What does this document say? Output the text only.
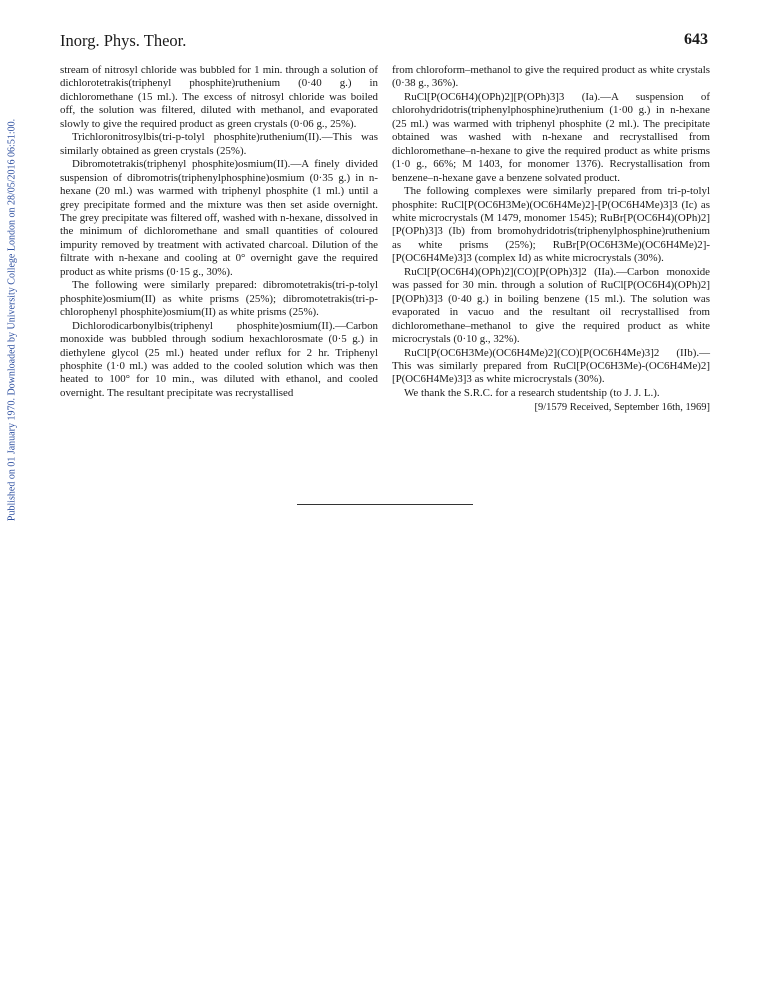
Published on 01 January 1970. Downloaded by University College London on 28/05/2016 06:51:00.
Inorg. Phys. Theor.	643

stream of nitrosyl chloride was bubbled for 1 min. through a solution of dichlorotetrakis(triphenyl phosphite)ruthenium (0·40 g.) in dichloromethane (15 ml.). The excess of nitrosyl chloride was boiled off, the solution was filtered, diluted with methanol, and evaporated slowly to give the required product as green crystals (0·06 g., 25%).

Trichloronitrosylbis(tri-p-tolyl phosphite)ruthenium(II).—This was similarly obtained as green crystals (25%).

Dibromotetrakis(triphenyl phosphite)osmium(II).—A finely divided suspension of dibromotris(triphenylphosphine)osmium (0·35 g.) in n-hexane (20 ml.) was warmed with triphenyl phosphite (1 ml.) until a grey precipitate formed and the mixture was then set aside overnight. The grey precipitate was filtered off, washed with n-hexane, dissolved in the minimum of dichloromethane and small quantities of coloured impurity removed by treatment with activated charcoal. Dilution of the filtrate with n-hexane and cooling at 0° overnight gave the required product as white prisms (0·15 g., 30%).

The following were similarly prepared: dibromotetrakis(tri-p-tolyl phosphite)osmium(II) as white prisms (25%); dibromotetrakis(tri-p-chlorophenyl phosphite)osmium(II) as white prisms (25%).

Dichlorodicarbonylbis(triphenyl phosphite)osmium(II).—Carbon monoxide was bubbled through sodium hexachlorosmate (0·5 g.) in diethylene glycol (25 ml.) heated under reflux for 2 hr. Triphenyl phosphite (1·0 ml.) was added to the cooled solution which was then heated to 100° for 10 min., was diluted with ethanol, and cooled overnight. The resultant precipitate was recrystallised

from chloroform–methanol to give the required product as white crystals (0·38 g., 36%).

RuCl[P(OC6H4)(OPh)2][P(OPh)3]3 (Ia).—A suspension of chlorohydridotris(triphenylphosphine)ruthenium (1·00 g.) in n-hexane (25 ml.) was warmed with triphenyl phosphite (2 ml.). The precipitate obtained was washed with n-hexane and recrystallised from dichloromethane–n-hexane to give the required product as white prisms (1·0 g., 66%; M 1403, for monomer 1376). Recrystallisation from benzene–n-hexane gave a benzene solvated product.

The following complexes were similarly prepared from tri-p-tolyl phosphite: RuCl[P(OC6H3Me)(OC6H4Me)2]-[P(OC6H4Me)3]3 (Ic) as white microcrystals (M 1479, monomer 1545); RuBr[P(OC6H4)(OPh)2][P(OPh)3]3 (Ib) from bromohydridotris(triphenylphosphine)ruthenium as white prisms (25%); RuBr[P(OC6H3Me)(OC6H4Me)2]-[P(OC6H4Me)3]3 (complex Id) as white microcrystals (30%).

RuCl[P(OC6H4)(OPh)2](CO)[P(OPh)3]2 (IIa).—Carbon monoxide was passed for 30 min. through a solution of RuCl[P(OC6H4)(OPh)2][P(OPh)3]3 (0·40 g.) in boiling benzene (15 ml.). The solution was evaporated in vacuo and the resultant oil recrystallised from dichloromethane–methanol to give the required product as white microcrystals (0·10 g., 32%).

RuCl[P(OC6H3Me)(OC6H4Me)2](CO)[P(OC6H4Me)3]2 (IIb).—This was similarly prepared from RuCl[P(OC6H3Me)-(OC6H4Me)2][P(OC6H4Me)3]3 as white microcrystals (30%).

We thank the S.R.C. for a research studentship (to J. J. L.).

[9/1579 Received, September 16th, 1969]
